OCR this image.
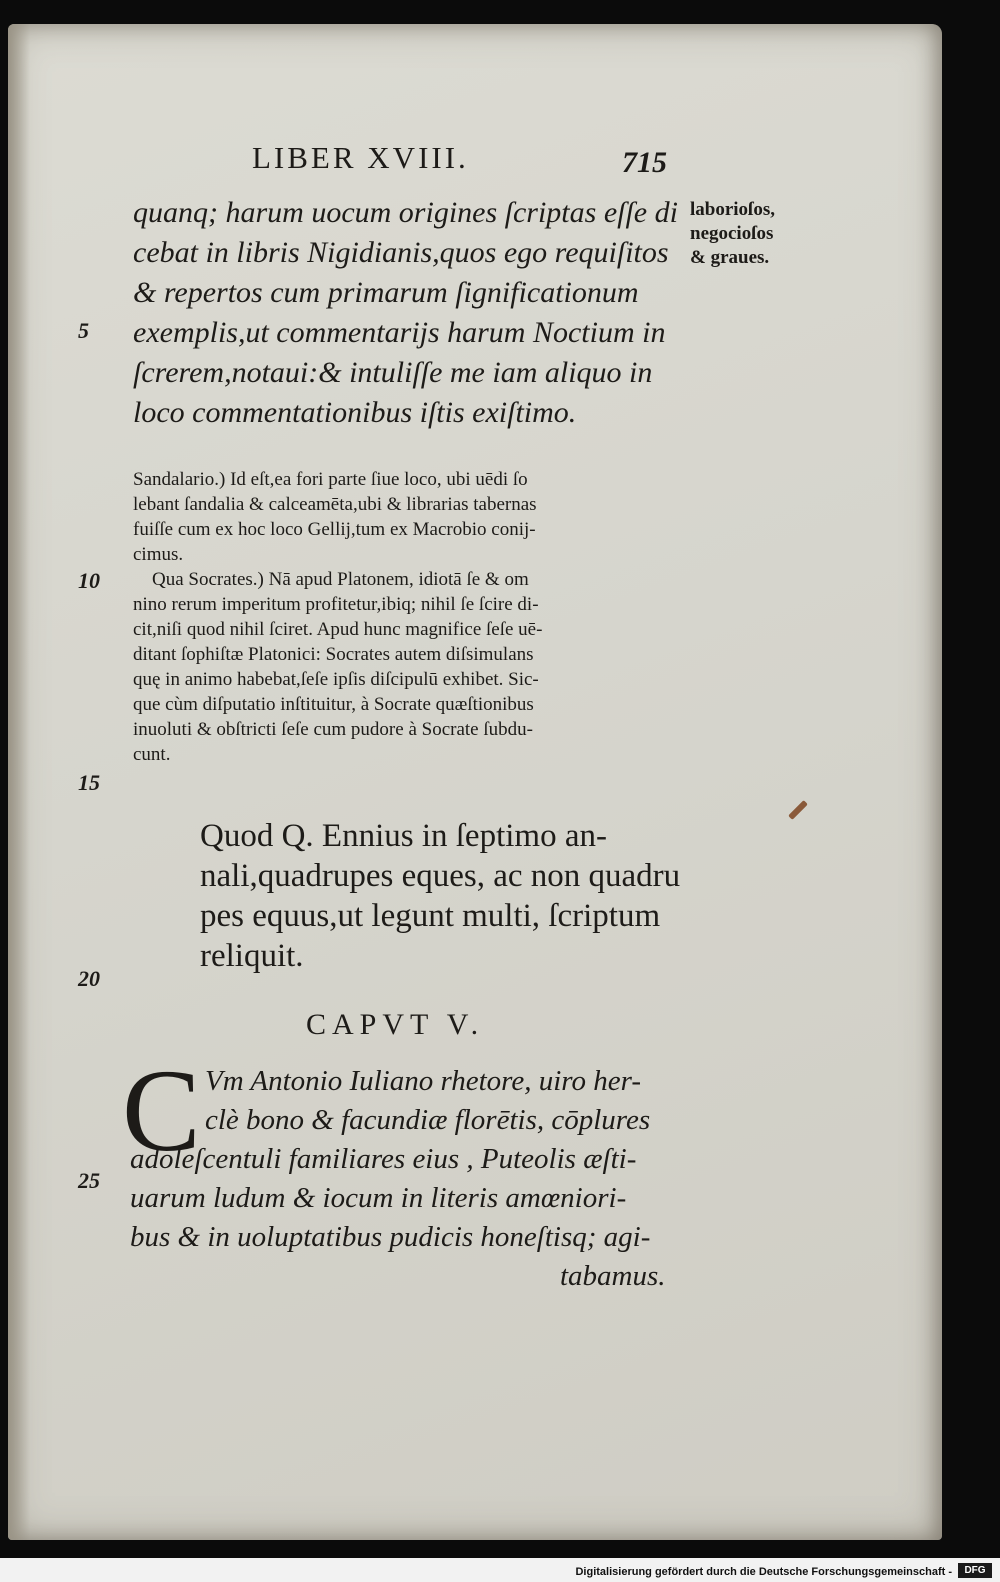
LIBER XVIII.	715

laborioſos,
negocioſos
& graues.
quanq; harum uocum origines ſcriptas eſſe di
cebat in libris Nigidianis,quos ego requiſitos
& repertos cum primarum ſignificationum
exemplis,ut commentarijs harum Noctium in
ſcrerem,notaui:& intuliſſe me iam aliquo in
loco commentationibus iſtis exiſtimo.
5
Sandalario.) Id eſt,ea fori parte ſiue loco, ubi uēdi ſo
lebant ſandalia & calceamēta,ubi & librarias tabernas
fuiſſe cum ex hoc loco Gellij,tum ex Macrobio conij-
cimus.
Qua Socrates.) Nā apud Platonem, idiotā ſe & om
nino rerum imperitum profitetur,ibiq; nihil ſe ſcire di-
cit,niſi quod nihil ſciret. Apud hunc magnifice ſeſe uē-
ditant ſophiſtæ Platonici: Socrates autem diſsimulans
quę in animo habebat,ſeſe ipſis diſcipulū exhibet. Sic-
que cùm diſputatio inſtituitur, à Socrate quæſtionibus
inuoluti & obſtricti ſeſe cum pudore à Socrate ſubdu-
cunt.
10
15
Quod Q. Ennius in ſeptimo an-
nali,quadrupes eques, ac non quadru
pes equus,ut legunt multi, ſcriptum
reliquit.
20

CAPVT V.

C Vm Antonio Iuliano rhetore, uiro her-
clè bono & facundiæ florētis, cōplures
adoleſcentuli familiares eius , Puteolis æſti-
uarum ludum & iocum in literis amœniori-
bus & in uoluptatibus pudicis honeſtisq; agi-
tabamus.
25
Digitalisierung gefördert durch die Deutsche Forschungsgemeinschaft -	DFG
